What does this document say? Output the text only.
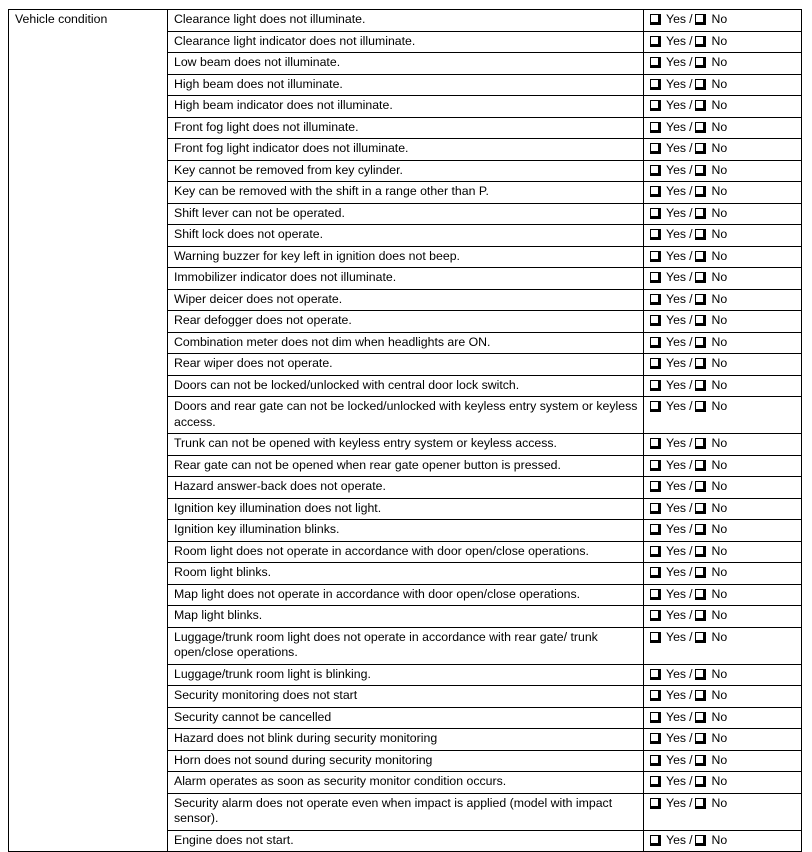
Vehicle condition	Clearance light does not illuminate.	Yes / No
	Clearance light indicator does not illuminate.	Yes / No
	Low beam does not illuminate.	Yes / No
	High beam does not illuminate.	Yes / No
	High beam indicator does not illuminate.	Yes / No
	Front fog light does not illuminate.	Yes / No
	Front fog light indicator does not illuminate.	Yes / No
	Key cannot be removed from key cylinder.	Yes / No
	Key can be removed with the shift in a range other than P.	Yes / No
	Shift lever can not be operated.	Yes / No
	Shift lock does not operate.	Yes / No
	Warning buzzer for key left in ignition does not beep.	Yes / No
	Immobilizer indicator does not illuminate.	Yes / No
	Wiper deicer does not operate.	Yes / No
	Rear defogger does not operate.	Yes / No
	Combination meter does not dim when headlights are ON.	Yes / No
	Rear wiper does not operate.	Yes / No
	Doors can not be locked/unlocked with central door lock switch.	Yes / No
	Doors and rear gate can not be locked/unlocked with keyless entry system or keyless access.	Yes / No
	Trunk can not be opened with keyless entry system or keyless access.	Yes / No
	Rear gate can not be opened when rear gate opener button is pressed.	Yes / No
	Hazard answer-back does not operate.	Yes / No
	Ignition key illumination does not light.	Yes / No
	Ignition key illumination blinks.	Yes / No
	Room light does not operate in accordance with door open/close operations.	Yes / No
	Room light blinks.	Yes / No
	Map light does not operate in accordance with door open/close operations.	Yes / No
	Map light blinks.	Yes / No
	Luggage/trunk room light does not operate in accordance with rear gate/ trunk open/close operations.	Yes / No
	Luggage/trunk room light is blinking.	Yes / No
	Security monitoring does not start	Yes / No
	Security cannot be cancelled	Yes / No
	Hazard does not blink during security monitoring	Yes / No
	Horn does not sound during security monitoring	Yes / No
	Alarm operates as soon as security monitor condition occurs.	Yes / No
	Security alarm does not operate even when impact is applied (model with impact sensor).	Yes / No
	Engine does not start.	Yes / No
